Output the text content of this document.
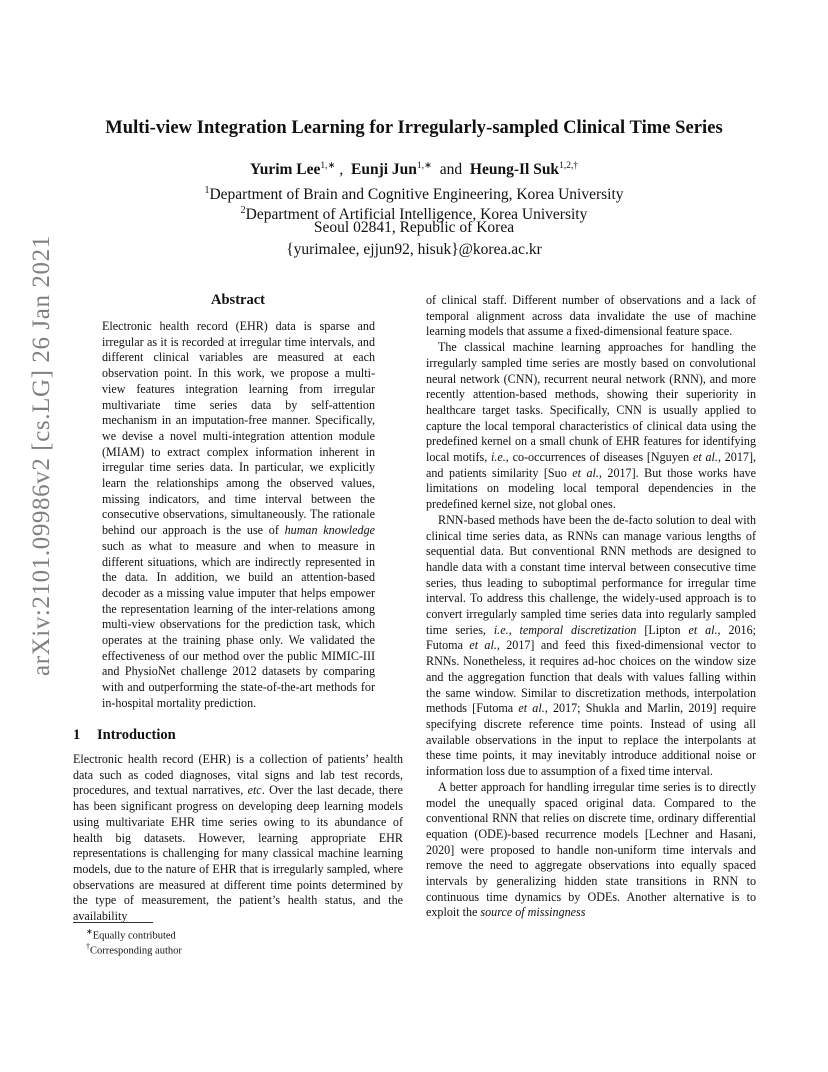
arXiv:2101.09986v2 [cs.LG] 26 Jan 2021
Multi-view Integration Learning for Irregularly-sampled Clinical Time Series
Yurim Lee$^{1,∗}$ ,  Eunji Jun$^{1,∗}$  and  Heung-Il Suk$^{1,2,\dagger}$
$^1$Department of Brain and Cognitive Engineering, Korea University
$^2$Department of Artificial Intelligence, Korea University
Seoul 02841, Republic of Korea
{yurimalee, ejjun92, hisuk}@korea.ac.kr
Abstract

Electronic health record (EHR) data is sparse and irregular as it is recorded at irregular time intervals, and different clinical variables are measured at each observation point. In this work, we propose a multi-view features integration learning from irregular multivariate time series data by self-attention mechanism in an imputation-free manner. Specifically, we devise a novel multi-integration attention module (MIAM) to extract complex information inherent in irregular time series data. In particular, we explicitly learn the relationships among the observed values, missing indicators, and time interval between the consecutive observations, simultaneously. The rationale behind our approach is the use of human knowledge such as what to measure and when to measure in different situations, which are indirectly represented in the data. In addition, we build an attention-based decoder as a missing value imputer that helps empower the representation learning of the inter-relations among multi-view observations for the prediction task, which operates at the training phase only. We validated the effectiveness of our method over the public MIMIC-III and PhysioNet challenge 2012 datasets by comparing with and outperforming the state-of-the-art methods for in-hospital mortality prediction.

1 Introduction

Electronic health record (EHR) is a collection of patients’ health data such as coded diagnoses, vital signs and lab test records, procedures, and textual narratives, etc. Over the last decade, there has been significant progress on developing deep learning models using multivariate EHR time series owing to its abundance of health big datasets. However, learning appropriate EHR representations is challenging for many classical machine learning models, due to the nature of EHR that is irregularly sampled, where observations are measured at different time points determined by the type of measurement, the patient’s health status, and the availability

of clinical staff. Different number of observations and a lack of temporal alignment across data invalidate the use of machine learning models that assume a fixed-dimensional feature space.

The classical machine learning approaches for handling the irregularly sampled time series are mostly based on convolutional neural network (CNN), recurrent neural network (RNN), and more recently attention-based methods, showing their superiority in healthcare target tasks. Specifically, CNN is usually applied to capture the local temporal characteristics of clinical data using the predefined kernel on a small chunk of EHR features for identifying local motifs, i.e., co-occurrences of diseases [Nguyen et al., 2017], and patients similarity [Suo et al., 2017]. But those works have limitations on modeling local temporal dependencies in the predefined kernel size, not global ones.

RNN-based methods have been the de-facto solution to deal with clinical time series data, as RNNs can manage various lengths of sequential data. But conventional RNN methods are designed to handle data with a constant time interval between consecutive time series, thus leading to suboptimal performance for irregular time interval. To address this challenge, the widely-used approach is to convert irregularly sampled time series data into regularly sampled time series, i.e., temporal discretization [Lipton et al., 2016; Futoma et al., 2017] and feed this fixed-dimensional vector to RNNs. Nonetheless, it requires ad-hoc choices on the window size and the aggregation function that deals with values falling within the same window. Similar to discretization methods, interpolation methods [Futoma et al., 2017; Shukla and Marlin, 2019] require specifying discrete reference time points. Instead of using all available observations in the input to replace the interpolants at these time points, it may inevitably introduce additional noise or information loss due to assumption of a fixed time interval.

A better approach for handling irregular time series is to directly model the unequally spaced original data. Compared to the conventional RNN that relies on discrete time, ordinary differential equation (ODE)-based recurrence models [Lechner and Hasani, 2020] were proposed to handle non-uniform time intervals and remove the need to aggregate observations into equally spaced intervals by generalizing hidden state transitions in RNN to continuous time dynamics by ODEs. Another alternative is to exploit the source of missingness

∗Equally contributed
†Corresponding author
